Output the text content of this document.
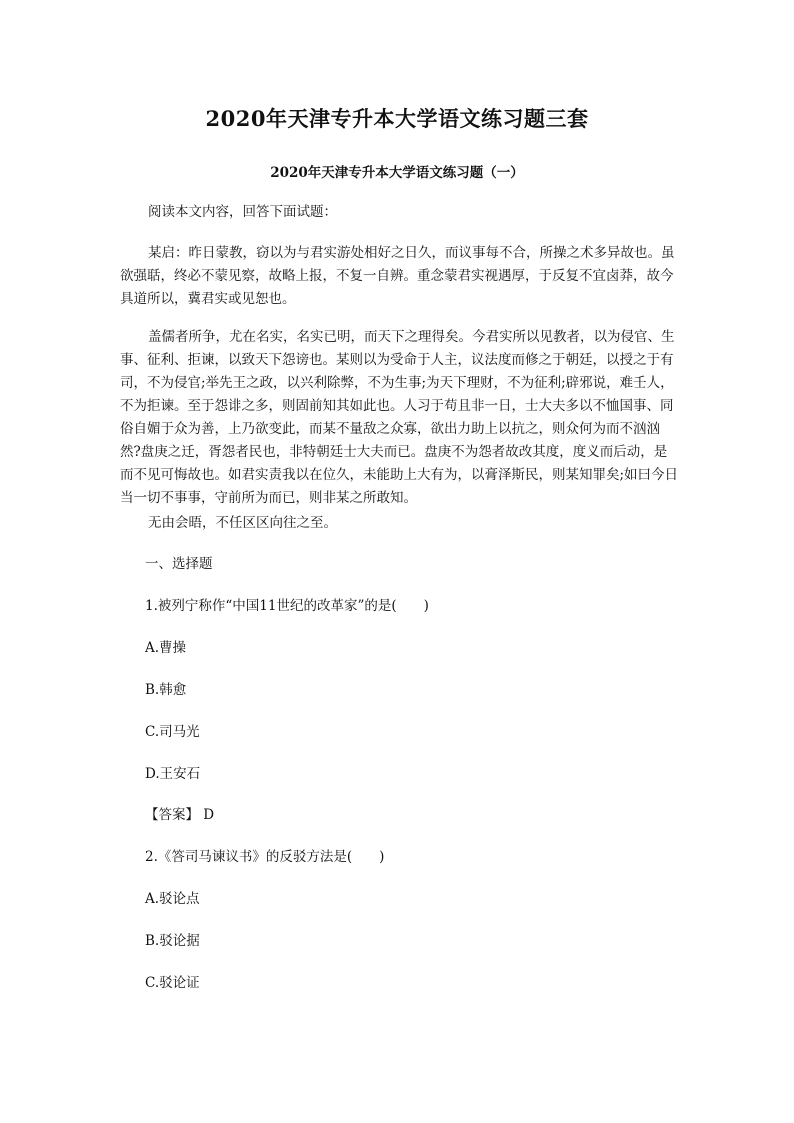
2020年天津专升本大学语文练习题三套
2020年天津专升本大学语文练习题（一）
阅读本文内容，回答下面试题：
某启：昨日蒙教，窃以为与君实游处相好之日久，而议事每不合，所操之术多异故也。虽欲强聒，终必不蒙见察，故略上报，不复一自辨。重念蒙君实视遇厚，于反复不宜卤莽，故今具道所以，冀君实或见恕也。
盖儒者所争，尤在名实，名实已明，而天下之理得矣。今君实所以见教者，以为侵官、生事、征利、拒谏，以致天下怨谤也。某则以为受命于人主，议法度而修之于朝廷，以授之于有司，不为侵官;举先王之政，以兴利除弊，不为生事;为天下理财，不为征利;辟邪说，难壬人，不为拒谏。至于怨诽之多，则固前知其如此也。人习于苟且非一日，士大夫多以不恤国事、同俗自媚于众为善，上乃欲变此，而某不量敌之众寡，欲出力助上以抗之，则众何为而不汹汹然?盘庚之迁，胥怨者民也，非特朝廷士大夫而已。盘庚不为怨者故改其度，度义而后动，是而不见可悔故也。如君实责我以在位久，未能助上大有为，以膏泽斯民，则某知罪矣;如曰今日当一切不事事，守前所为而已，则非某之所敢知。
无由会晤，不任区区向往之至。
一、选择题
1.被列宁称作“中国11世纪的改革家”的是(　　)
A.曹操
B.韩愈
C.司马光
D.王安石
【答案】 D
2.《答司马谏议书》的反驳方法是(　　)
A.驳论点
B.驳论据
C.驳论证
